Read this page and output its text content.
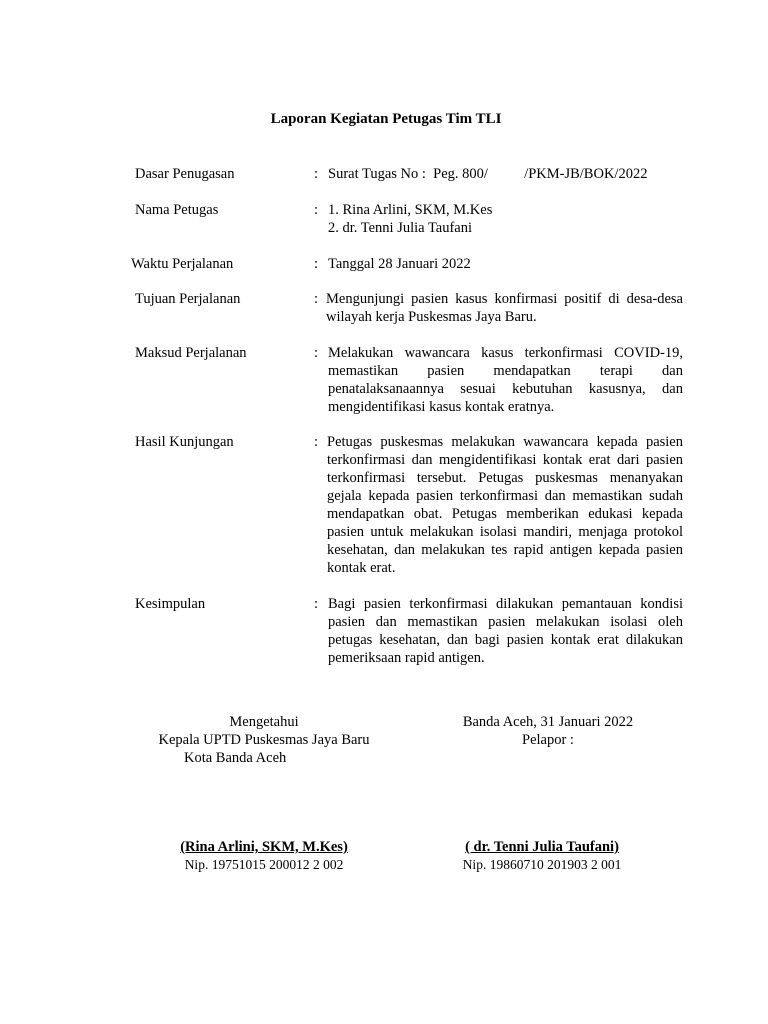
Laporan Kegiatan Petugas Tim TLI
Dasar Penugasan	: Surat Tugas No :  Peg. 800/          /PKM-JB/BOK/2022
Nama Petugas	: 1. Rina Arlini, SKM, M.Kes
2. dr. Tenni Julia Taufani
Waktu Perjalanan	: Tanggal 28 Januari 2022
Tujuan Perjalanan	: Mengunjungi pasien kasus konfirmasi positif di desa-desa wilayah kerja Puskesmas Jaya Baru.
Maksud Perjalanan	: Melakukan wawancara kasus terkonfirmasi COVID-19, memastikan pasien mendapatkan terapi dan penatalaksanaannya sesuai kebutuhan kasusnya, dan mengidentifikasi kasus kontak eratnya.
Hasil Kunjungan	: Petugas puskesmas melakukan wawancara kepada pasien terkonfirmasi dan mengidentifikasi kontak erat dari pasien terkonfirmasi tersebut. Petugas puskesmas menanyakan gejala kepada pasien terkonfirmasi dan memastikan sudah mendapatkan obat. Petugas memberikan edukasi kepada pasien untuk melakukan isolasi mandiri, menjaga protokol kesehatan, dan melakukan tes rapid antigen kepada pasien kontak erat.
Kesimpulan	: Bagi pasien terkonfirmasi dilakukan pemantauan kondisi pasien dan memastikan pasien melakukan isolasi oleh petugas kesehatan, dan bagi pasien kontak erat dilakukan pemeriksaan rapid antigen.
Mengetahui
Kepala UPTD Puskesmas Jaya Baru
Kota Banda Aceh
(Rina Arlini, SKM, M.Kes)
Nip. 19751015 200012 2 002
Banda Aceh, 31 Januari 2022
Pelapor :
( dr. Tenni Julia Taufani)
Nip. 19860710 201903 2 001
